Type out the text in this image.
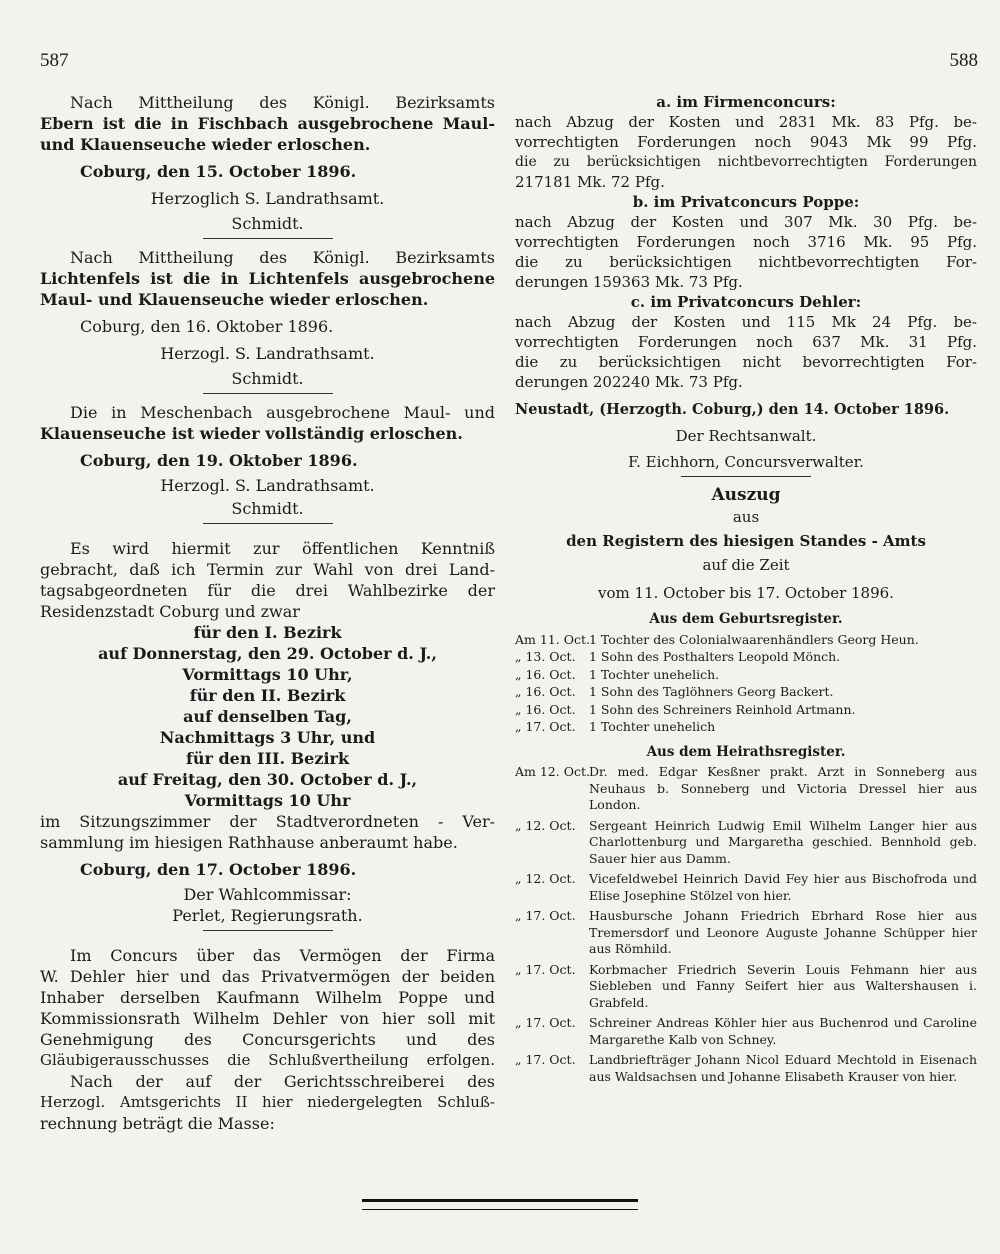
587	588

Nach Mittheilung des Königl. Bezirksamts

Ebern ist die in Fischbach ausgebrochene Maul-

und Klauenseuche wieder erloschen.

Coburg, den 15. October 1896.

Herzoglich S. Landrathsamt.

Schmidt.

Nach Mittheilung des Königl. Bezirksamts

Lichtenfels ist die in Lichtenfels ausgebrochene

Maul- und Klauenseuche wieder erloschen.

Coburg, den 16. Oktober 1896.

Herzogl. S. Landrathsamt.

Schmidt.

Die in Meschenbach ausgebrochene Maul- und

Klauenseuche ist wieder vollständig erloschen.

Coburg, den 19. Oktober 1896.

Herzogl. S. Landrathsamt.

Schmidt.

Es wird hiermit zur öffentlichen Kenntniß

gebracht, daß ich Termin zur Wahl von drei Land-

tagsabgeordneten für die drei Wahlbezirke der

Residenzstadt Coburg und zwar

für den I. Bezirk

auf Donnerstag, den 29. October d. J.,

Vormittags 10 Uhr,

für den II. Bezirk

auf denselben Tag,

Nachmittags 3 Uhr, und

für den III. Bezirk

auf Freitag, den 30. October d. J.,

Vormittags 10 Uhr

im Sitzungszimmer der Stadtverordneten - Ver-

sammlung im hiesigen Rathhause anberaumt habe.

Coburg, den 17. October 1896.

Der Wahlcommissar:

Perlet, Regierungsrath.

Im Concurs über das Vermögen der Firma

W. Dehler hier und das Privatvermögen der beiden

Inhaber derselben Kaufmann Wilhelm Poppe und

Kommissionsrath Wilhelm Dehler von hier soll mit

Genehmigung des Concursgerichts und des

Gläubigerausschusses die Schlußvertheilung erfolgen.

Nach der auf der Gerichtsschreiberei des

Herzogl. Amtsgerichts II hier niedergelegten Schluß-

rechnung beträgt die Masse:

a. im Firmenconcurs:

nach Abzug der Kosten und 2831 Mk. 83 Pfg. be-

vorrechtigten Forderungen noch 9043 Mk 99 Pfg.

die zu berücksichtigen nichtbevorrechtigten Forderungen

217181 Mk. 72 Pfg.

b. im Privatconcurs Poppe:

nach Abzug der Kosten und 307 Mk. 30 Pfg. be-

vorrechtigten Forderungen noch 3716 Mk. 95 Pfg.

die zu berücksichtigen nichtbevorrechtigten For-

derungen 159363 Mk. 73 Pfg.

c. im Privatconcurs Dehler:

nach Abzug der Kosten und 115 Mk 24 Pfg. be-

vorrechtigten Forderungen noch 637 Mk. 31 Pfg.

die zu berücksichtigen nicht bevorrechtigten For-

derungen 202240 Mk. 73 Pfg.

Neustadt, (Herzogth. Coburg,) den 14. October 1896.

Der Rechtsanwalt.

F. Eichhorn, Concursverwalter.

Auszug

aus

den Registern des hiesigen Standes - Amts

auf die Zeit

vom 11. October bis 17. October 1896.

Aus dem Geburtsregister.

Am 11. Oct. 1 Tochter des Colonialwaarenhändlers Georg Heun.
„ 13. Oct.	1 Sohn des Posthalters Leopold Mönch.
„ 16. Oct.	1 Tochter unehelich.
„ 16. Oct.	1 Sohn des Taglöhners Georg Backert.
„ 16. Oct.	1 Sohn des Schreiners Reinhold Artmann.
„ 17. Oct.	1 Tochter unehelich

Aus dem Heirathsregister.

Am 12. Oct. Dr. med. Edgar Kesßner prakt. Arzt in Sonneberg aus Neuhaus b. Sonneberg und Victoria Dressel hier aus London.
„ 12. Oct.	Sergeant Heinrich Ludwig Emil Wilhelm Langer hier aus Charlottenburg und Margaretha geschied. Bennhold geb. Sauer hier aus Damm.
„ 12. Oct.	Vicefeldwebel Heinrich David Fey hier aus Bischofroda und Elise Josephine Stölzel von hier.
„ 17. Oct.	Hausbursche Johann Friedrich Ebrhard Rose hier aus Tremersdorf und Leonore Auguste Johanne Schüpper hier aus Römhild.
„ 17. Oct.	Korbmacher Friedrich Severin Louis Fehmann hier aus Siebleben und Fanny Seifert hier aus Waltershausen i. Grabfeld.
„ 17. Oct.	Schreiner Andreas Köhler hier aus Buchenrod und Caroline Margarethe Kalb von Schney.
„ 17. Oct.	Landbriefträger Johann Nicol Eduard Mechtold in Eisenach aus Waldsachsen und Johanne Elisabeth Krauser von hier.
